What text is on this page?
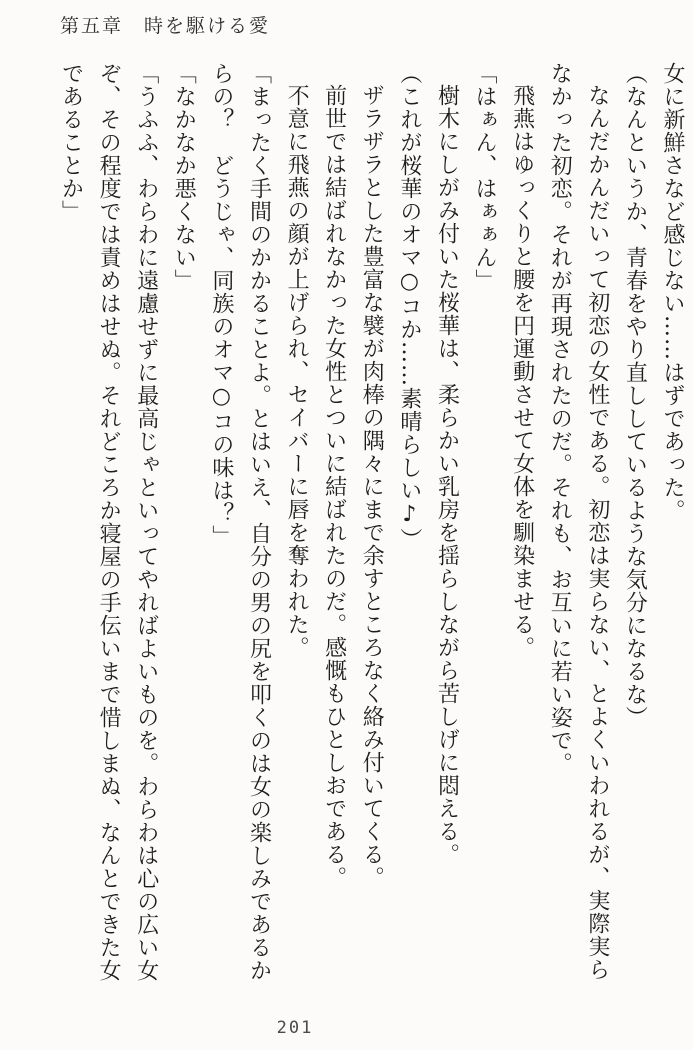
第五章　時を駆ける愛

女に新鮮さなど感じない……はずであった。

（なんというか、青春をやり直ししているような気分になるな）

なんだかんだいって初恋の女性である。初恋は実らない、とよくいわれるが、実際実らなかった初恋。それが再現されたのだ。それも、お互いに若い姿で。

飛燕はゆっくりと腰を円運動させて女体を馴染ませる。

「はぁん、はぁぁん」

樹木にしがみ付いた桜華は、柔らかい乳房を揺らしながら苦しげに悶える。

（これが桜華のオマ○コか……素晴らしい♪）

ザラザラとした豊富な襞が肉棒の隅々にまで余すところなく絡み付いてくる。

前世では結ばれなかった女性とついに結ばれたのだ。感慨もひとしおである。

不意に飛燕の顔が上げられ、セイバーに唇を奪われた。

「まったく手間のかかることよ。とはいえ、自分の男の尻を叩くのは女の楽しみであるからの？　どうじゃ、同族のオマ○コの味は？」

「なかなか悪くない」

「うふふ、わらわに遠慮せずに最高じゃといってやればよいものを。わらわは心の広い女ぞ、その程度では責めはせぬ。それどころか寝屋の手伝いまで惜しまぬ、なんとできた女であることか」

201
